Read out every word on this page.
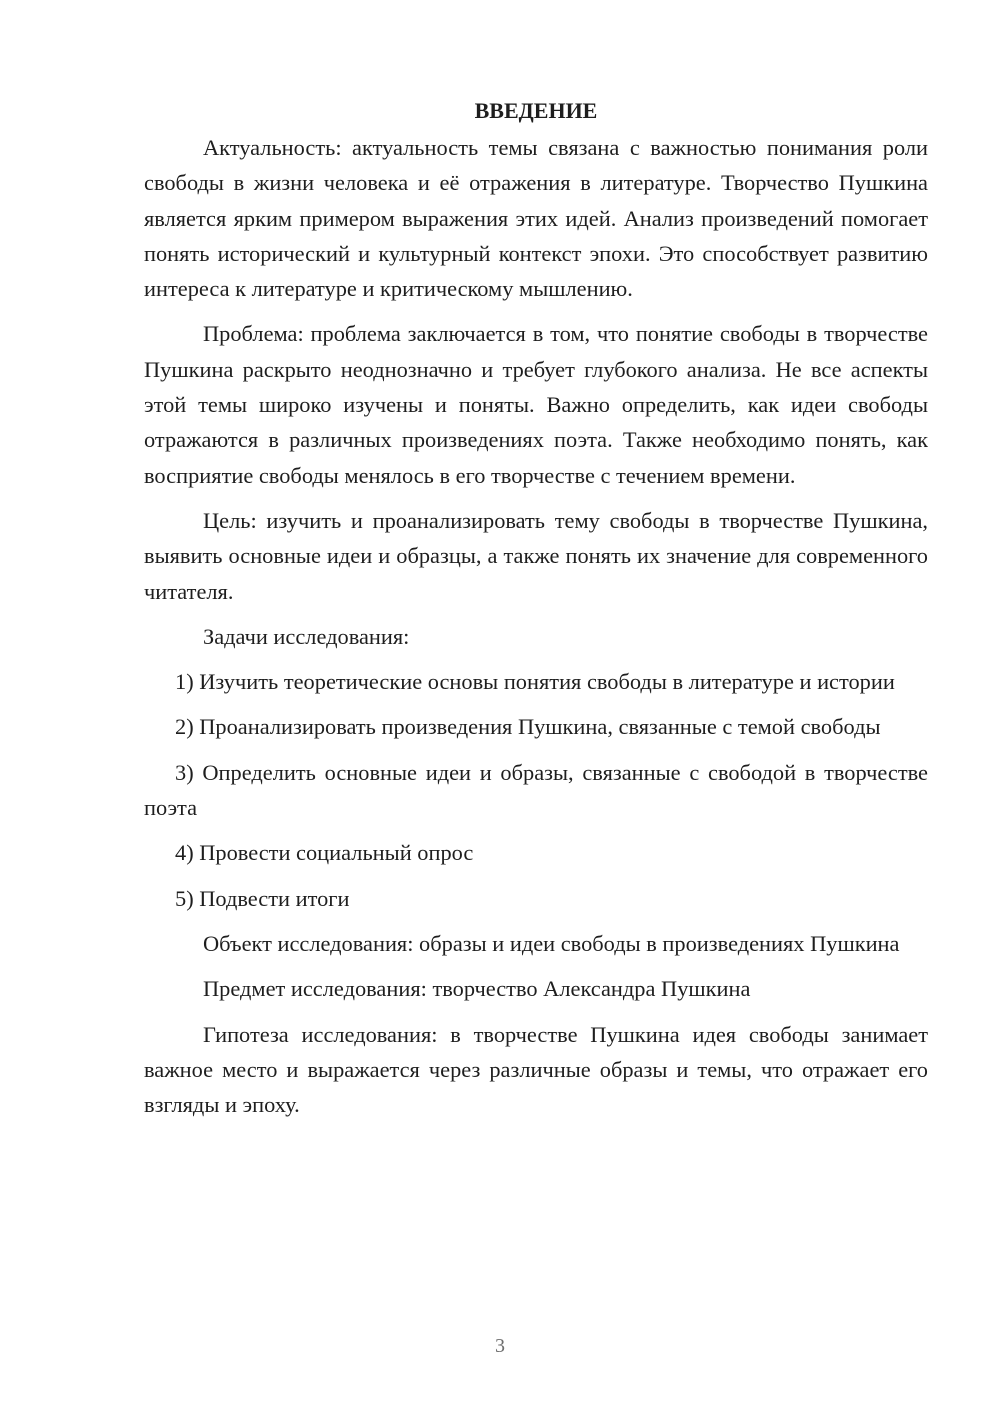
ВВЕДЕНИЕ

Актуальность: актуальность темы связана с важностью понимания роли свободы в жизни человека и её отражения в литературе. Творчество Пушкина является ярким примером выражения этих идей. Анализ произведений помогает понять исторический и культурный контекст эпохи. Это способствует развитию интереса к литературе и критическому мышлению.

Проблема: проблема заключается в том, что понятие свободы в творчестве Пушкина раскрыто неоднозначно и требует глубокого анализа. Не все аспекты этой темы широко изучены и поняты. Важно определить, как идеи свободы отражаются в различных произведениях поэта. Также необходимо понять, как восприятие свободы менялось в его творчестве с течением времени.

Цель: изучить и проанализировать тему свободы в творчестве Пушкина, выявить основные идеи и образцы, а также понять их значение для современного читателя.

Задачи исследования:

1) Изучить теоретические основы понятия свободы в литературе и истории

2) Проанализировать произведения Пушкина, связанные с темой свободы

3) Определить основные идеи и образы, связанные с свободой в творчестве поэта

4) Провести социальный опрос

5) Подвести итоги

Объект исследования: образы и идеи свободы в произведениях Пушкина

Предмет исследования: творчество Александра Пушкина

Гипотеза исследования: в творчестве Пушкина идея свободы занимает важное место и выражается через различные образы и темы, что отражает его взгляды и эпоху.

3
